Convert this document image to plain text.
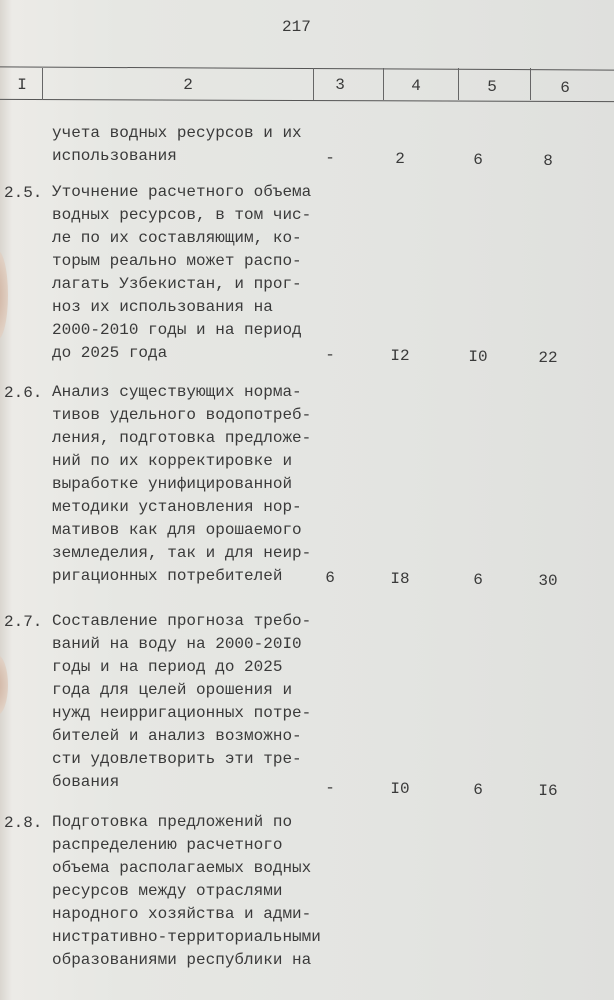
217
I	2	3	4	5	6
учета водных ресурсов и их
использования	-	2	6	8
2.5. Уточнение расчетного объема
водных ресурсов, в том чис-
ле по их составляющим, ко-
торым реально может распо-
лагать Узбекистан, и прог-
ноз их использования на
2000-2010 годы и на период
до 2025 года	-	I2	I0	22
2.6. Анализ существующих норма-
тивов удельного водопотреб-
ления, подготовка предложе-
ний по их корректировке и
выработке унифицированной
методики установления нор-
мативов как для орошаемого
земледелия, так и для неир-
ригационных потребителей	6	I8	6	30
2.7. Составление прогноза требо-
ваний на воду на 2000-20I0
годы и на период до 2025
года для целей орошения и
нужд неирригационных потре-
бителей и анализ возможно-
сти удовлетворить эти тре-
бования	-	I0	6	I6
2.8. Подготовка предложений по
распределению расчетного
объема располагаемых водных
ресурсов между отраслями
народного хозяйства и адми-
нистративно-территориальными
образованиями республики на
